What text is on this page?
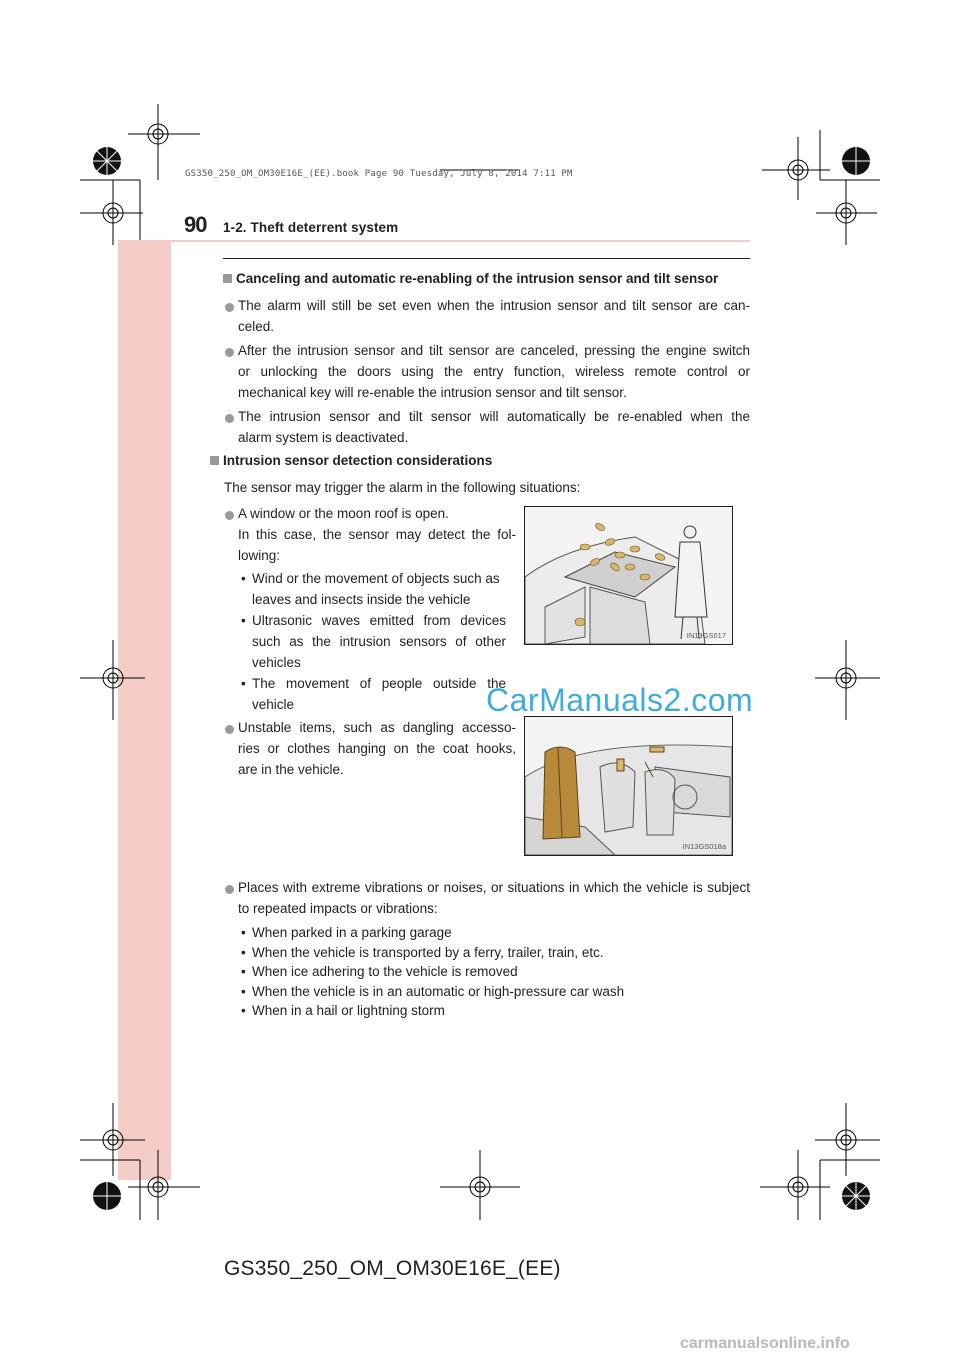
GS350_250_OM_OM30E16E_(EE).book Page 90 Tuesday, July 8, 2014 7:11 PM
90 1-2. Theft deterrent system
Canceling and automatic re-enabling of the intrusion sensor and tilt sensor
The alarm will still be set even when the intrusion sensor and tilt sensor are can-
celed.
After the intrusion sensor and tilt sensor are canceled, pressing the engine switch
or unlocking the doors using the entry function, wireless remote control or
mechanical key will re-enable the intrusion sensor and tilt sensor.
The intrusion sensor and tilt sensor will automatically be re-enabled when the
alarm system is deactivated.
Intrusion sensor detection considerations
The sensor may trigger the alarm in the following situations:
A window or the moon roof is open.
In this case, the sensor may detect the fol-
lowing:
• Wind or the movement of objects such as
leaves and insects inside the vehicle
• Ultrasonic waves emitted from devices
such as the intrusion sensors of other
vehicles
• The movement of people outside the
vehicle
IN13GS017
Unstable items, such as dangling accesso-
ries or clothes hanging on the coat hooks,
are in the vehicle.
IN13GS018a
Places with extreme vibrations or noises, or situations in which the vehicle is subject
to repeated impacts or vibrations:
• When parked in a parking garage
• When the vehicle is transported by a ferry, trailer, train, etc.
• When ice adhering to the vehicle is removed
• When the vehicle is in an automatic or high-pressure car wash
• When in a hail or lightning storm
CarManuals2.com
GS350_250_OM_OM30E16E_(EE)
carmanualsonline.info
